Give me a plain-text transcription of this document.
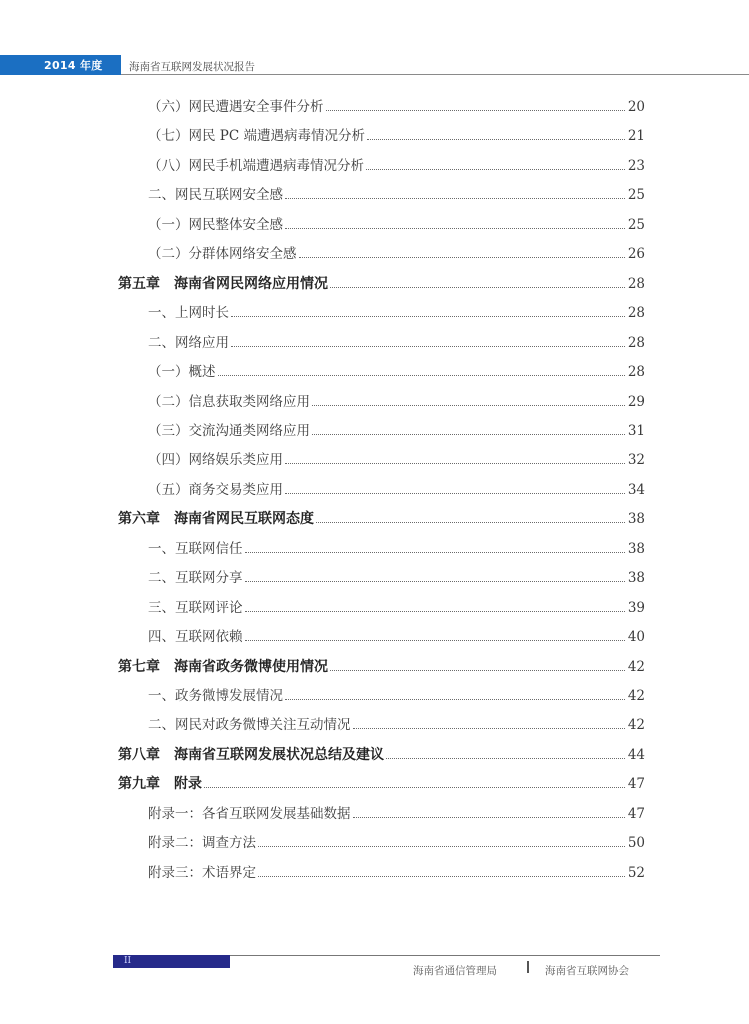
2014 年度	海南省互联网发展状况报告
（六）网民遭遇安全事件分析	20
（七）网民 PC 端遭遇病毒情况分析	21
（八）网民手机端遭遇病毒情况分析	23
二、网民互联网安全感	25
（一）网民整体安全感	25
（二）分群体网络安全感	26
第五章 海南省网民网络应用情况	28
一、上网时长	28
二、网络应用	28
（一）概述	28
（二）信息获取类网络应用	29
（三）交流沟通类网络应用	31
（四）网络娱乐类应用	32
（五）商务交易类应用	34
第六章 海南省网民互联网态度	38
一、互联网信任	38
二、互联网分享	38
三、互联网评论	39
四、互联网依赖	40
第七章 海南省政务微博使用情况	42
一、政务微博发展情况	42
二、网民对政务微博关注互动情况	42
第八章 海南省互联网发展状况总结及建议	44
第九章 附录	47
附录一：各省互联网发展基础数据	47
附录二：调查方法	50
附录三：术语界定	52
II
海南省通信管理局	海南省互联网协会
